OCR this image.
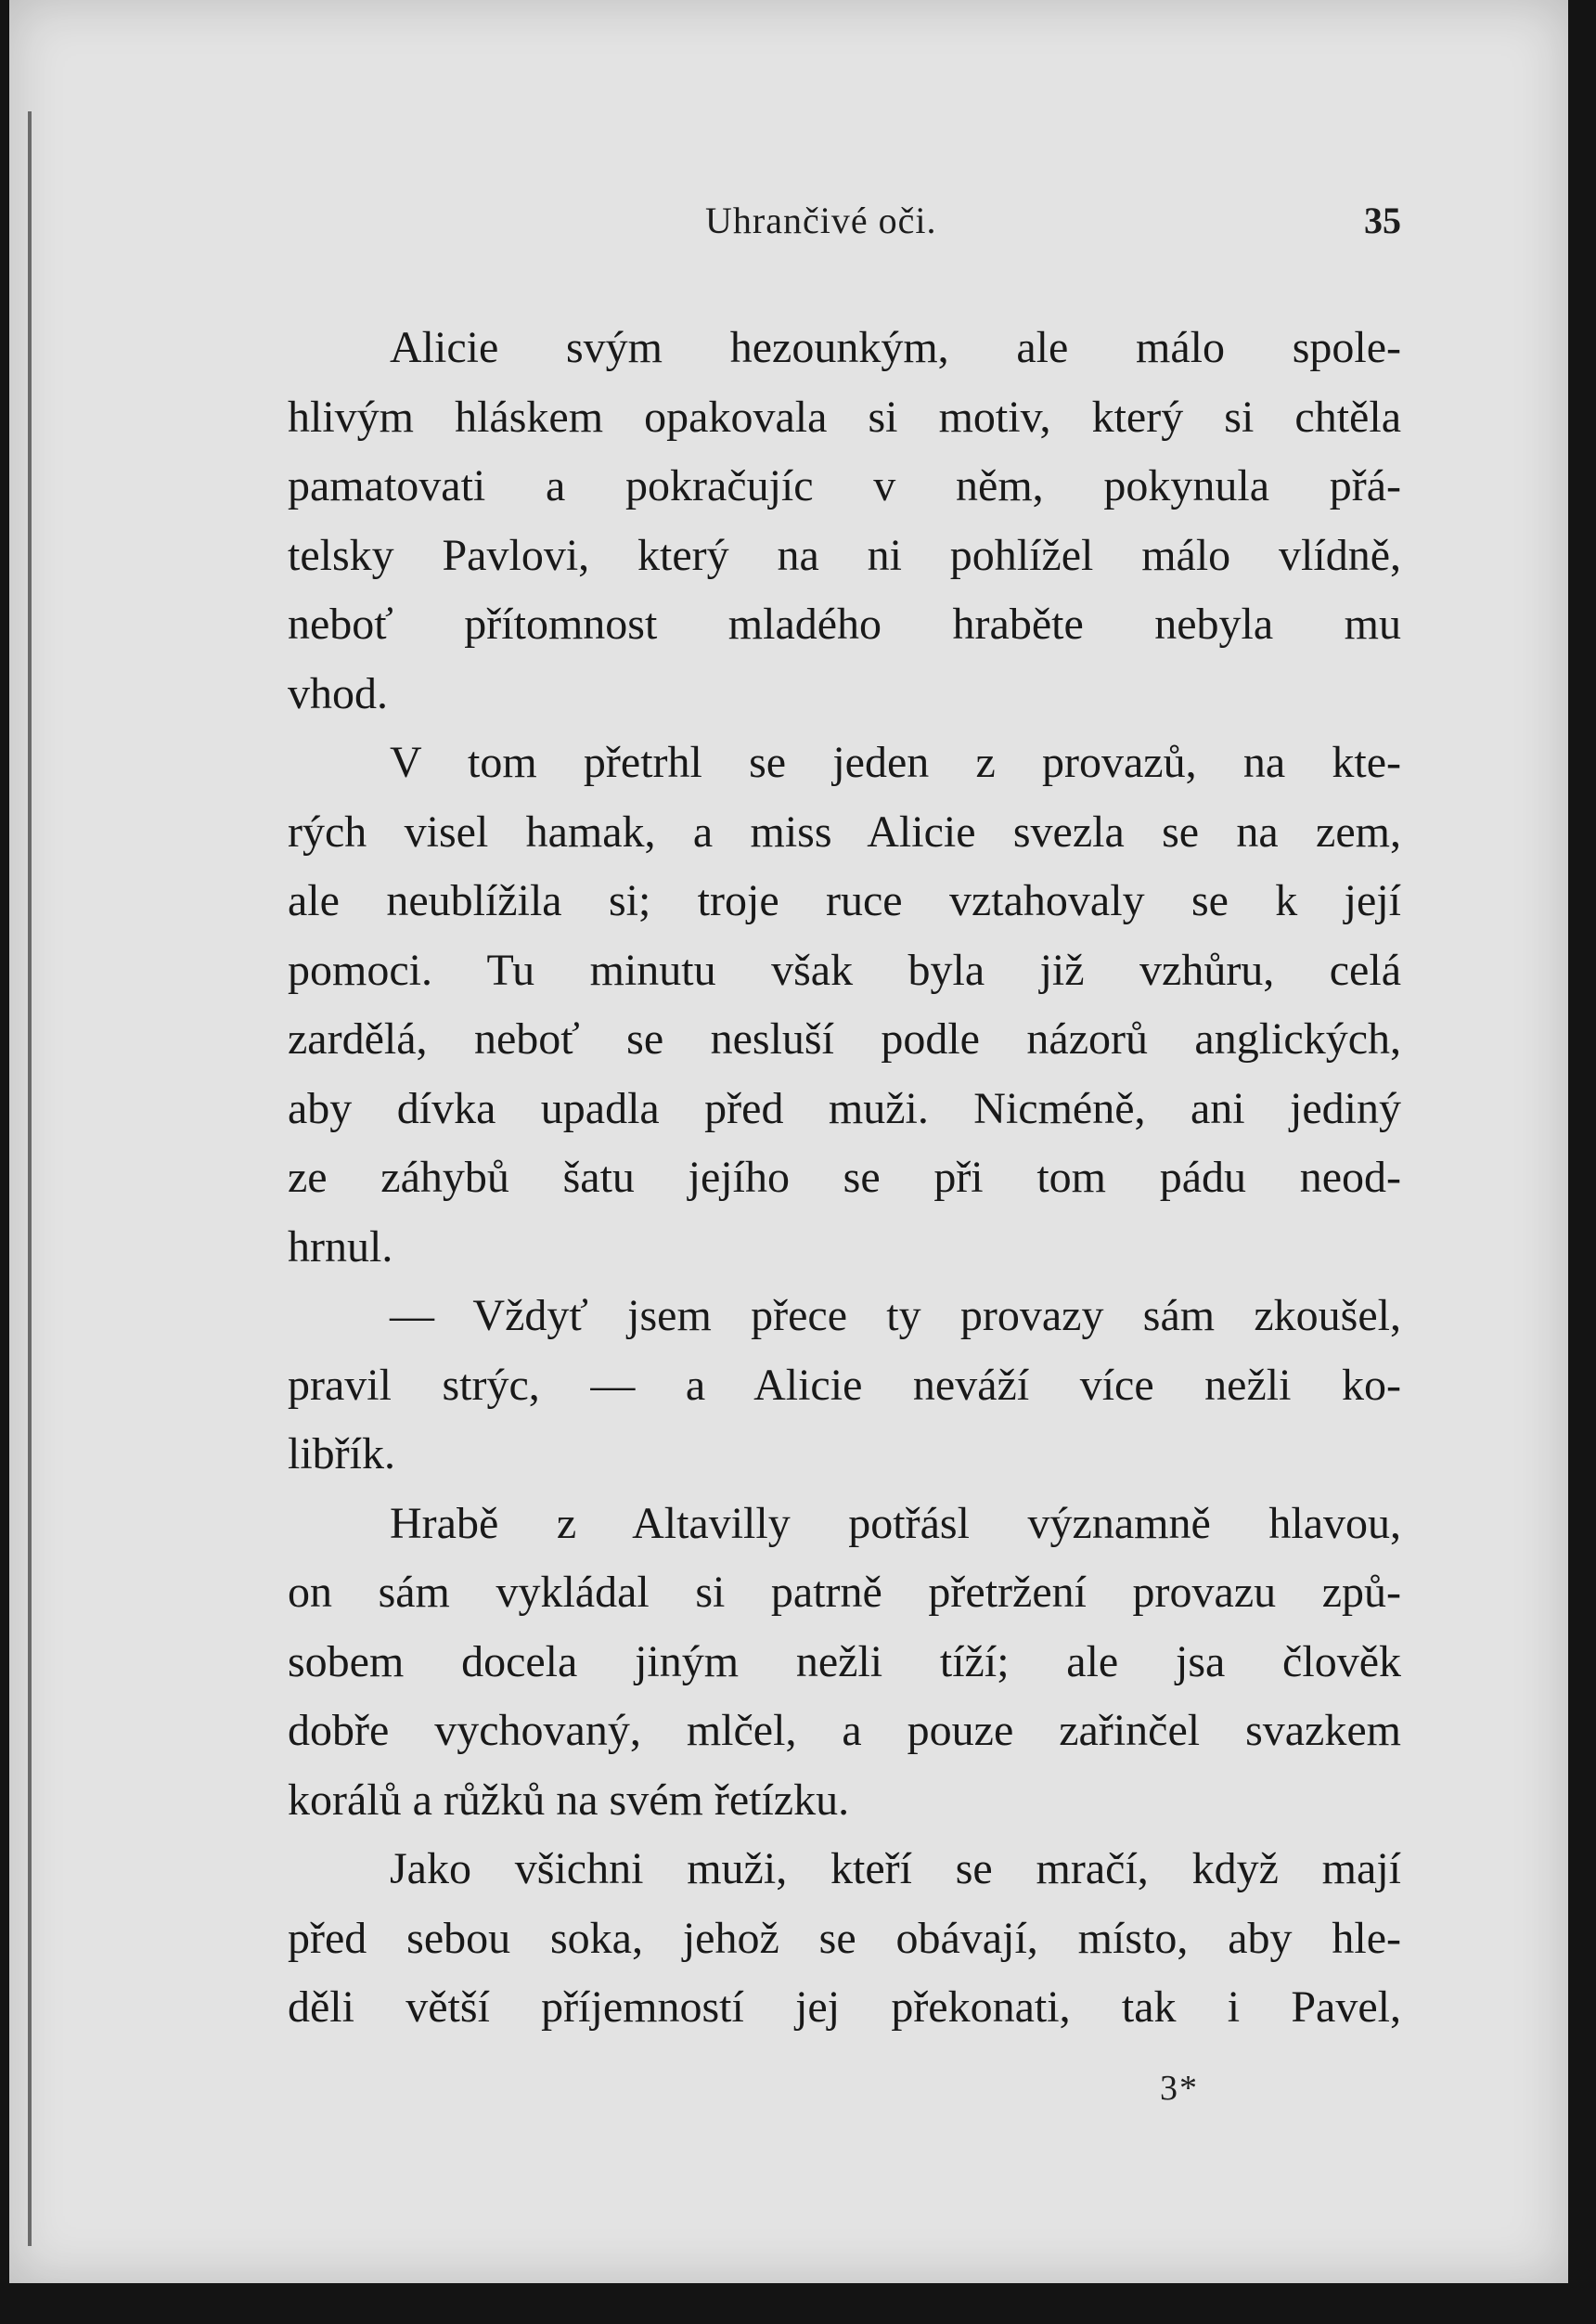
Uhrančivé oči.	35
Alicie svým hezounkým, ale málo spole-
hlivým hláskem opakovala si motiv, který si chtěla
pamatovati a pokračujíc v něm, pokynula přá-
telsky Pavlovi, který na ni pohlížel málo vlídně,
neboť přítomnost mladého hraběte nebyla mu
vhod.
V tom přetrhl se jeden z provazů, na kte-
rých visel hamak, a miss Alicie svezla se na zem,
ale neublížila si; troje ruce vztahovaly se k její
pomoci. Tu minutu však byla již vzhůru, celá
zardělá, neboť se nesluší podle názorů anglických,
aby dívka upadla před muži. Nicméně, ani jediný
ze záhybů šatu jejího se při tom pádu neod-
hrnul.
— Vždyť jsem přece ty provazy sám zkoušel,
pravil strýc, — a Alicie neváží více nežli ko-
libřík.
Hrabě z Altavilly potřásl významně hlavou,
on sám vykládal si patrně přetržení provazu způ-
sobem docela jiným nežli tíží; ale jsa člověk
dobře vychovaný, mlčel, a pouze zařinčel svazkem
korálů a růžků na svém řetízku.
Jako všichni muži, kteří se mračí, když mají
před sebou soka, jehož se obávají, místo, aby hle-
děli větší příjemností jej překonati, tak i Pavel,
3*
